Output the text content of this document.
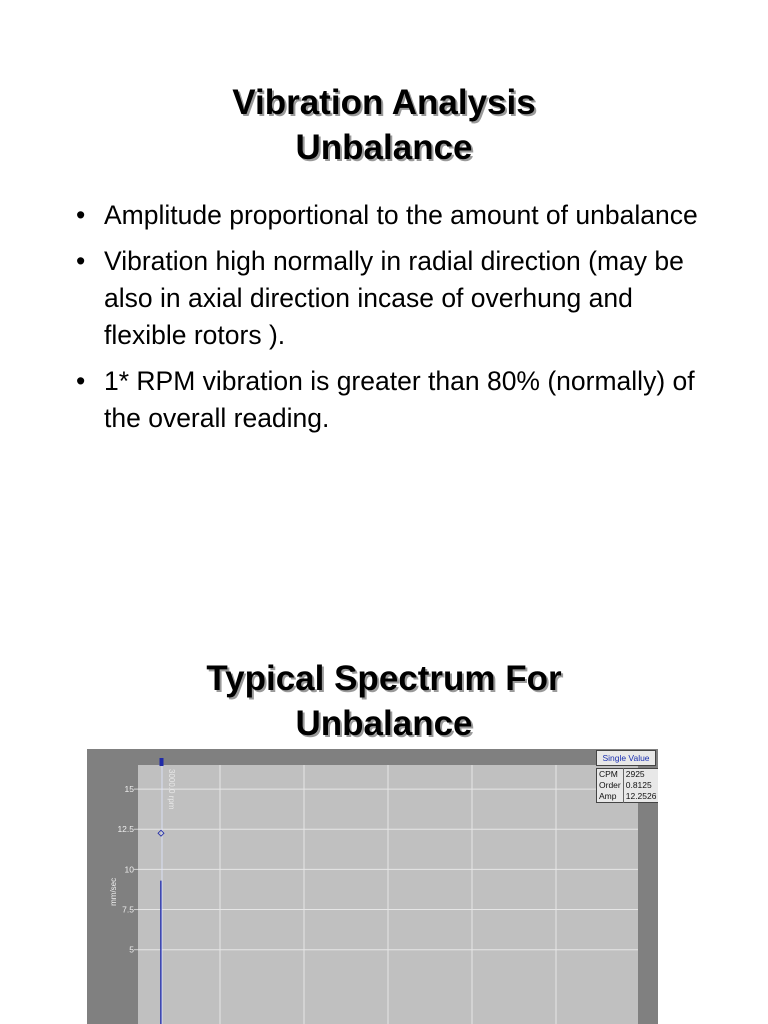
Vibration Analysis
Unbalance
• Amplitude proportional to the amount of unbalance
• Vibration high normally in radial direction (may be also in axial direction incase of overhung and flexible rotors ).
• 1* RPM vibration is greater than 80% (normally) of the overall reading.
Typical Spectrum For
Unbalance
15
12.5
10
7.5
5
mm/sec
3000.0 rpm
Single Value
CPM	2925
Order	0.8125
Amp	12.2526
